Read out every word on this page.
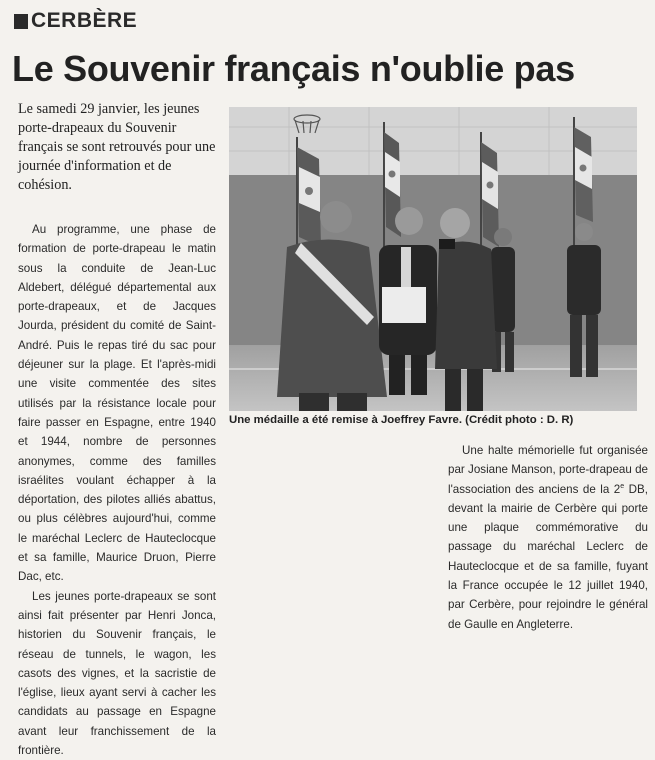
CERBÈRE
Le Souvenir français n'oublie pas

Le samedi 29 janvier, les jeunes porte-drapeaux du Souvenir français se sont retrouvés pour une journée d'information et de cohésion.

Au programme, une phase de formation de porte-drapeau le matin sous la conduite de Jean-Luc Aldebert, délégué départemental aux porte-drapeaux, et de Jacques Jourda, président du comité de Saint-André. Puis le repas tiré du sac pour déjeuner sur la plage. Et l'après-midi une visite commentée des sites utilisés par la résistance locale pour faire passer en Espagne, entre 1940 et 1944, nombre de personnes anonymes, comme des familles israélites voulant échapper à la déportation, des pilotes alliés abattus, ou plus célèbres aujourd'hui, comme le maréchal Leclerc de Hauteclocque et sa famille, Maurice Druon, Pierre Dac, etc.

Les jeunes porte-drapeaux se sont ainsi fait présenter par Henri Jonca, historien du Souvenir français, le réseau de tunnels, le wagon, les casots des vignes, et la sacristie de l'église, lieux ayant servi à cacher les candidats au passage en Espagne avant leur franchissement de la frontière.

Une halte mémorielle fut organisée par Josiane Manson, porte-drapeau de l'association des anciens de la 2e DB, devant la mairie de Cerbère qui porte une plaque commémorative du passage du maréchal Leclerc de Hauteclocque et de sa famille, fuyant la France occupée le 12 juillet 1940, par Cerbère, pour rejoindre le général de Gaulle en Angleterre.

Une médaille a été remise à Joeffrey Favre. (Crédit photo : D. R)
